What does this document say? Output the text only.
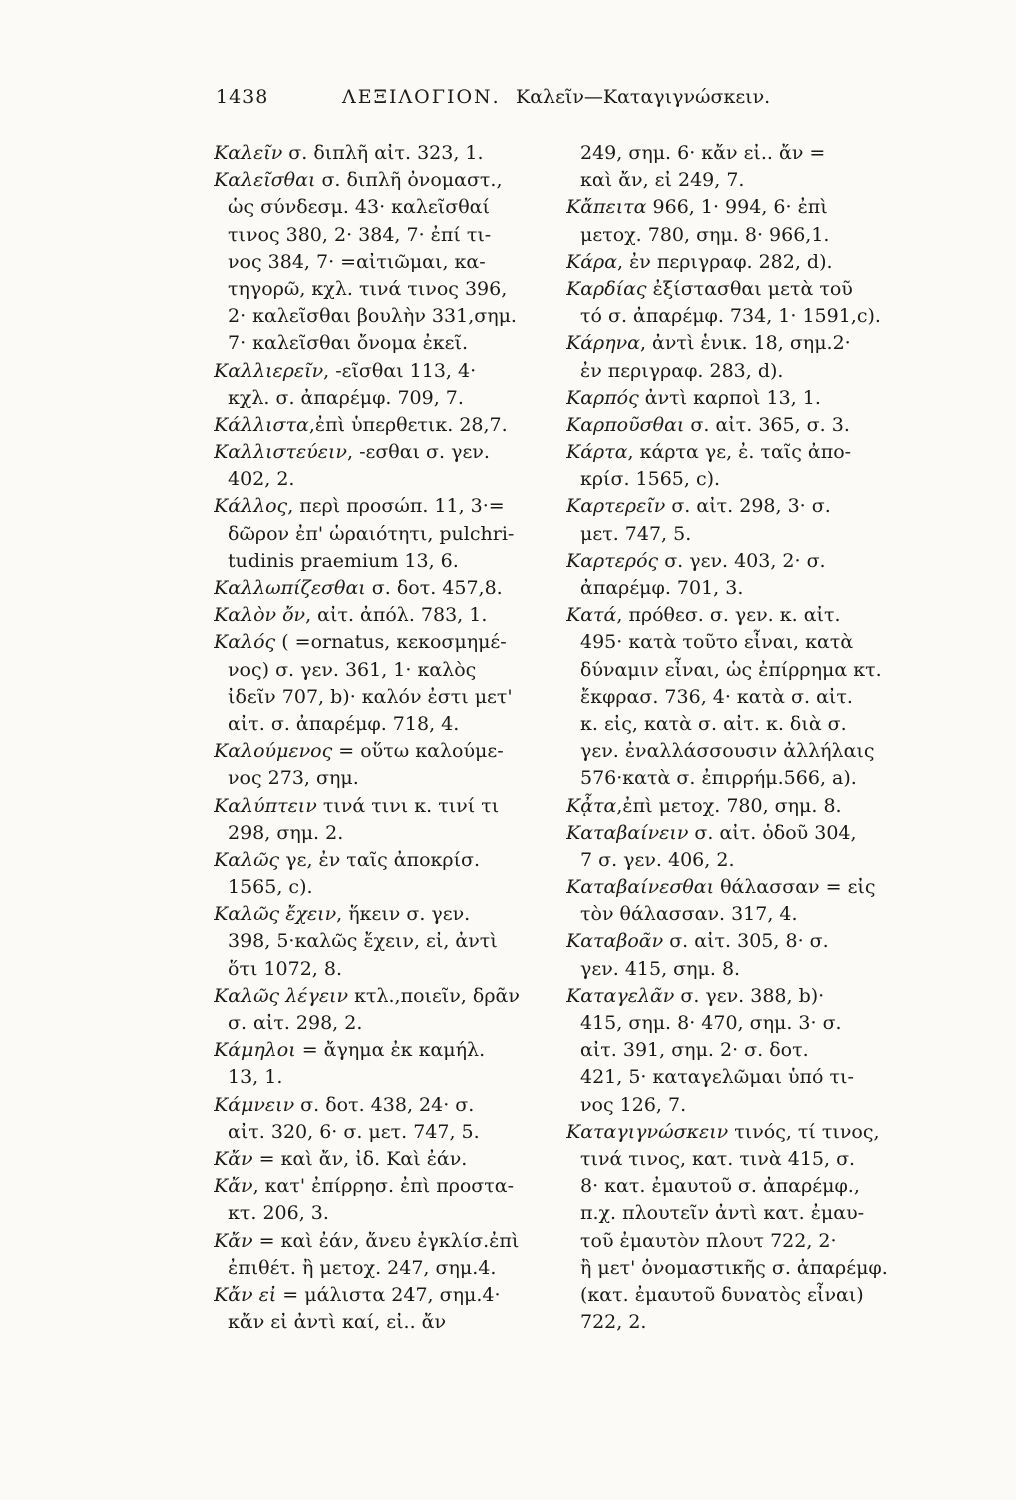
1438	ΛΕΞΙΛΟΓΙΟΝ. Καλεῖν—Καταγιγνώσκειν.
Καλεῖν σ. διπλῆ αἰτ. 323, 1.
Καλεῖσθαι σ. διπλῆ ὀνομαστ.,
ὡς σύνδεσμ. 43· καλεῖσθαί
τινος 380, 2· 384, 7· ἐπί τι-
νος 384, 7· =αἰτιῶμαι, κα-
τηγορῶ, κχλ. τινά τινος 396,
2· καλεῖσθαι βουλὴν 331,σημ.
7· καλεῖσθαι ὄνομα ἐκεῖ.
Καλλιερεῖν, -εῖσθαι 113, 4·
κχλ. σ. ἀπαρέμφ. 709, 7.
Κάλλιστα,ἐπὶ ὑπερθετικ. 28,7.
Καλλιστεύειν, -εσθαι σ. γεν.
402, 2.
Κάλλος, περὶ προσώπ. 11, 3·=
δῶρον ἐπ' ὡραιότητι, pulchri-
tudinis praemium 13, 6.
Καλλωπίζεσθαι σ. δοτ. 457,8.
Καλὸν ὄν, αἰτ. ἀπόλ. 783, 1.
Καλός ( =ornatus, κεκοσμημέ-
νος) σ. γεν. 361, 1· καλὸς
ἰδεῖν 707, b)· καλόν ἐστι μετ'
αἰτ. σ. ἀπαρέμφ. 718, 4.
Καλούμενος = οὕτω καλούμε-
νος 273, σημ.
Καλύπτειν τινά τινι κ. τινί τι
298, σημ. 2.
Καλῶς γε, ἐν ταῖς ἀποκρίσ.
1565, c).
Καλῶς ἔχειν, ἥκειν σ. γεν.
398, 5·καλῶς ἔχειν, εἰ, ἀντὶ
ὅτι 1072, 8.
Καλῶς λέγειν κτλ.,ποιεῖν, δρᾶν
σ. αἰτ. 298, 2.
Κάμηλοι = ἄγημα ἐκ καμήλ.
13, 1.
Κάμνειν σ. δοτ. 438, 24· σ.
αἰτ. 320, 6· σ. μετ. 747, 5.
Κἄν = καὶ ἄν, ἰδ. Καὶ ἐάν.
Κἄν, κατ' ἐπίρρησ. ἐπὶ προστα-
κτ. 206, 3.
Κἄν = καὶ ἐάν, ἄνευ ἐγκλίσ.ἐπὶ
ἐπιθέτ. ἢ μετοχ. 247, σημ.4.
Κἄν εἰ = μάλιστα 247, σημ.4·
κἄν εἰ ἀντὶ καί, εἰ.. ἄν
249, σημ. 6· κἄν εἰ.. ἄν =
καὶ ἄν, εἰ 249, 7.
Κἄπειτα 966, 1· 994, 6· ἐπὶ
μετοχ. 780, σημ. 8· 966,1.
Κάρα, ἐν περιγραφ. 282, d).
Καρδίας ἐξίστασθαι μετὰ τοῦ
τό σ. ἀπαρέμφ. 734, 1· 1591,c).
Κάρηνα, ἀντὶ ἑνικ. 18, σημ.2·
ἐν περιγραφ. 283, d).
Καρπός ἀντὶ καρποὶ 13, 1.
Καρποῦσθαι σ. αἰτ. 365, σ. 3.
Κάρτα, κάρτα γε, ἐ. ταῖς ἀπο-
κρίσ. 1565, c).
Καρτερεῖν σ. αἰτ. 298, 3· σ.
μετ. 747, 5.
Καρτερός σ. γεν. 403, 2· σ.
ἀπαρέμφ. 701, 3.
Κατά, πρόθεσ. σ. γεν. κ. αἰτ.
495· κατὰ τοῦτο εἶναι, κατὰ
δύναμιν εἶναι, ὡς ἐπίρρημα κτ.
ἔκφρασ. 736, 4· κατὰ σ. αἰτ.
κ. εἰς, κατὰ σ. αἰτ. κ. διὰ σ.
γεν. ἐναλλάσσουσιν ἀλλήλαις
576·κατὰ σ. ἐπιρρήμ.566, a).
Κᾆτα,ἐπὶ μετοχ. 780, σημ. 8.
Καταβαίνειν σ. αἰτ. ὁδοῦ 304,
7 σ. γεν. 406, 2.
Καταβαίνεσθαι θάλασσαν = εἰς
τὸν θάλασσαν. 317, 4.
Καταβοᾶν σ. αἰτ. 305, 8· σ.
γεν. 415, σημ. 8.
Καταγελᾶν σ. γεν. 388, b)·
415, σημ. 8· 470, σημ. 3· σ.
αἰτ. 391, σημ. 2· σ. δοτ.
421, 5· καταγελῶμαι ὑπό τι-
νος 126, 7.
Καταγιγνώσκειν τινός, τί τινος,
τινά τινος, κατ. τινὰ 415, σ.
8· κατ. ἐμαυτοῦ σ. ἀπαρέμφ.,
π.χ. πλουτεῖν ἀντὶ κατ. ἐμαυ-
τοῦ ἐμαυτὸν πλουτ 722, 2·
ἢ μετ' ὀνομαστικῆς σ. ἀπαρέμφ.
(κατ. ἐμαυτοῦ δυνατὸς εἶναι)
722, 2.
